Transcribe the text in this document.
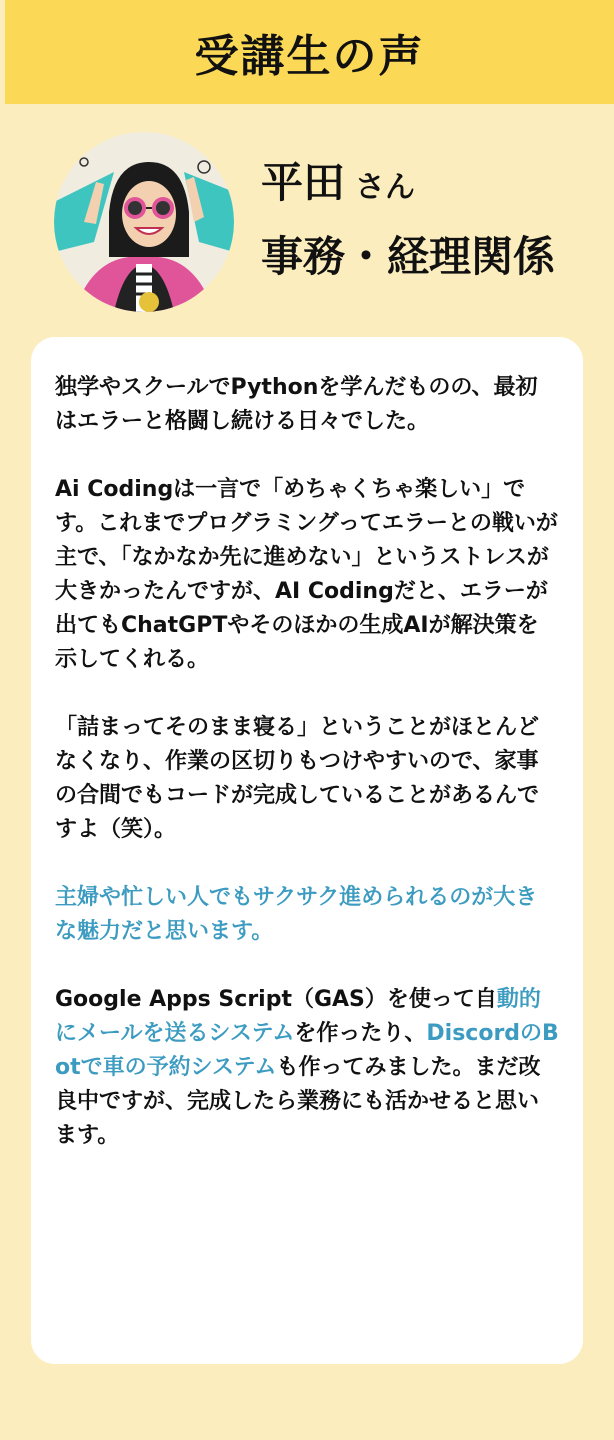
受講生の声
平田 さん
事務・経理関係

独学やスクールでPythonを学んだものの、最初はエラーと格闘し続ける日々でした。

Ai Codingは一言で「めちゃくちゃ楽しい」です。これまでプログラミングってエラーとの戦いが主で、「なかなか先に進めない」というストレスが大きかったんですが、AI Codingだと、エラーが出てもChatGPTやそのほかの生成AIが解決策を示してくれる。

「詰まってそのまま寝る」ということがほとんどなくなり、作業の区切りもつけやすいので、家事の合間でもコードが完成していることがあるんですよ（笑）。

主婦や忙しい人でもサクサク進められるのが大きな魅力だと思います。

Google Apps Script（GAS）を使って自動的にメールを送るシステムを作ったり、DiscordのBotで車の予約システムも作ってみました。まだ改良中ですが、完成したら業務にも活かせると思います。
